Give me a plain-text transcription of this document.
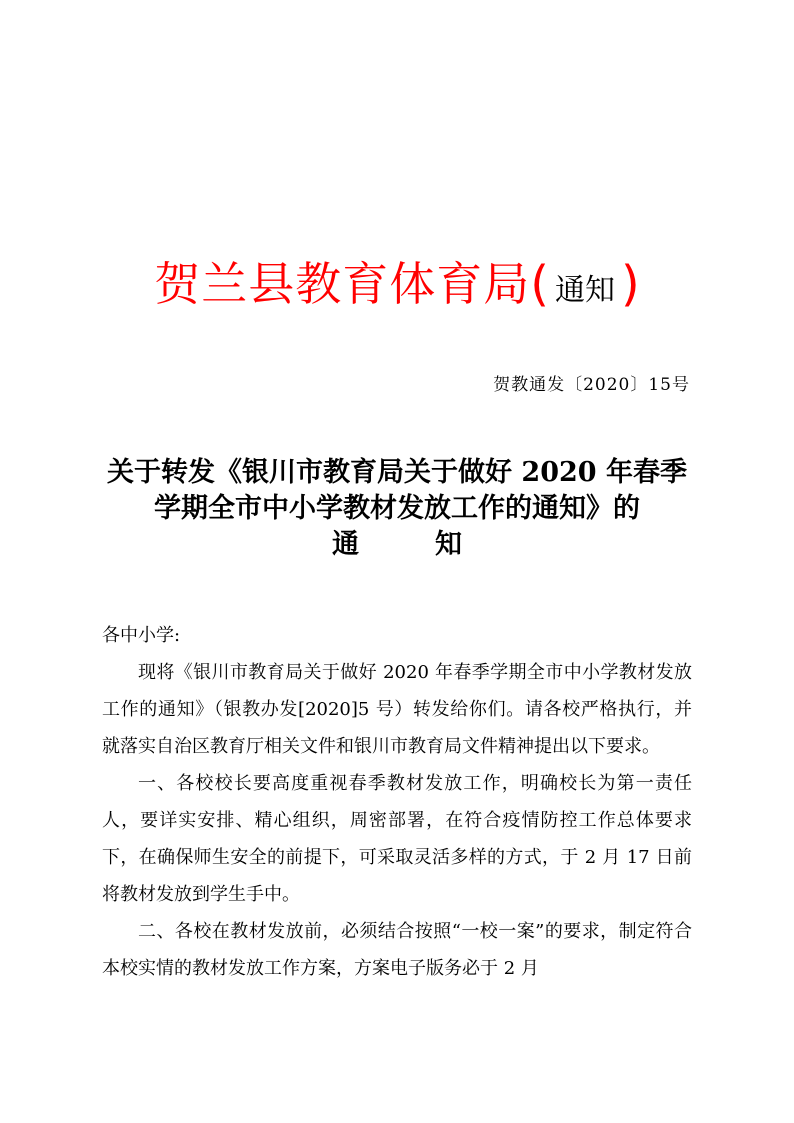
贺兰县教育体育局( 通知 )
贺教通发〔2020〕15号
关于转发《银川市教育局关于做好 2020 年春季
学期全市中小学教材发放工作的通知》的
通	知

各中小学:

现将《银川市教育局关于做好 2020 年春季学期全市中小学教材发放工作的通知》（银教办发[2020]5 号）转发给你们。请各校严格执行，并就落实自治区教育厅相关文件和银川市教育局文件精神提出以下要求。

一、各校校长要高度重视春季教材发放工作，明确校长为第一责任人，要详实安排、精心组织，周密部署，在符合疫情防控工作总体要求下，在确保师生安全的前提下，可采取灵活多样的方式，于 2 月 17 日前将教材发放到学生手中。

二、各校在教材发放前，必须结合按照“一校一案”的要求，制定符合本校实情的教材发放工作方案，方案电子版务必于 2 月
